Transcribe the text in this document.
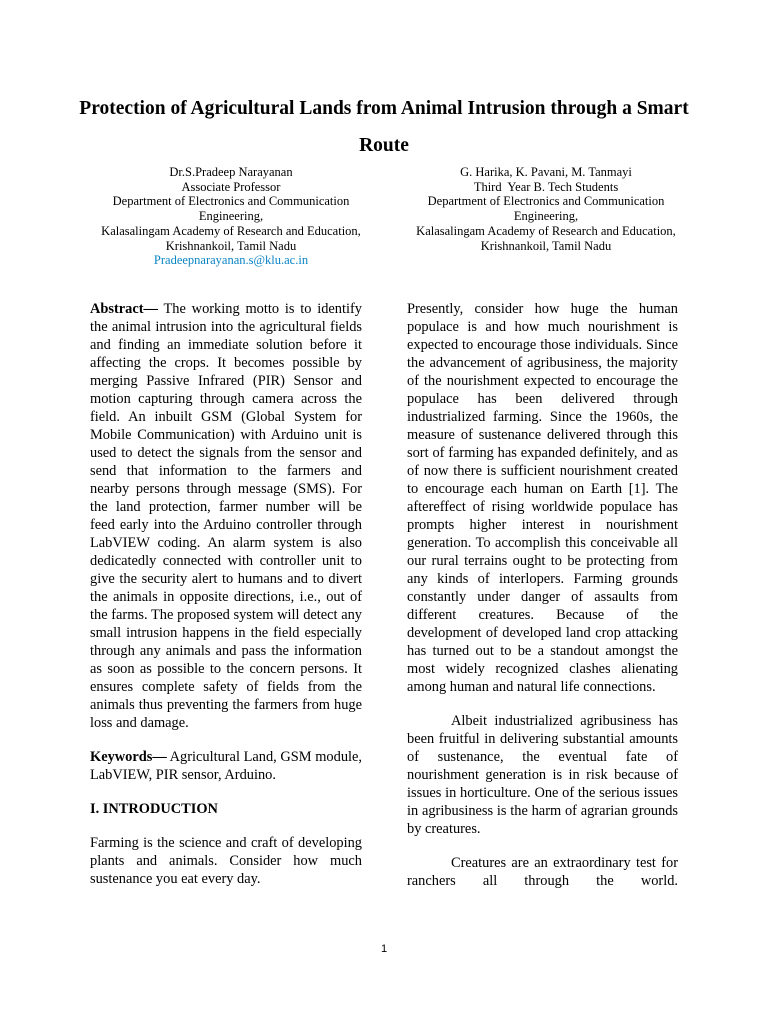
Protection of Agricultural Lands from Animal Intrusion through a Smart Route
Dr.S.Pradeep Narayanan
Associate Professor
Department of Electronics and Communication
Engineering,
Kalasalingam Academy of Research and Education,
Krishnankoil, Tamil Nadu
Pradeepnarayanan.s@klu.ac.in
G. Harika, K. Pavani, M. Tanmayi
Third  Year B. Tech Students
Department of Electronics and Communication
Engineering,
Kalasalingam Academy of Research and Education,
Krishnankoil, Tamil Nadu

Abstract— The working motto is to identify the animal intrusion into the agricultural fields and finding an immediate solution before it affecting the crops. It becomes possible by merging Passive Infrared (PIR) Sensor and motion capturing through camera across the field. An inbuilt GSM (Global System for Mobile Communication) with Arduino unit is used to detect the signals from the sensor and send that information to the farmers and nearby persons through message (SMS). For the land protection, farmer number will be feed early into the Arduino controller through LabVIEW coding. An alarm system is also dedicatedly connected with controller unit to give the security alert to humans and to divert the animals in opposite directions, i.e., out of the farms. The proposed system will detect any small intrusion happens in the field especially through any animals and pass the information as soon as possible to the concern persons. It ensures complete safety of fields from the animals thus preventing the farmers from huge loss and damage.

Keywords— Agricultural Land, GSM module, LabVIEW, PIR sensor, Arduino.

I. INTRODUCTION

Farming is the science and craft of developing plants and animals. Consider how much sustenance you eat every day.

Presently, consider how huge the human populace is and how much nourishment is expected to encourage those individuals. Since the advancement of agribusiness, the majority of the nourishment expected to encourage the populace has been delivered through industrialized farming. Since the 1960s, the measure of sustenance delivered through this sort of farming has expanded definitely, and as of now there is sufficient nourishment created to encourage each human on Earth [1]. The aftereffect of rising worldwide populace has prompts higher interest in nourishment generation. To accomplish this conceivable all our rural terrains ought to be protecting from any kinds of interlopers. Farming grounds constantly under danger of assaults from different creatures. Because of the development of developed land crop attacking has turned out to be a standout amongst the most widely recognized clashes alienating among human and natural life connections.

Albeit industrialized agribusiness has been fruitful in delivering substantial amounts of sustenance, the eventual fate of nourishment generation is in risk because of issues in horticulture. One of the serious issues in agribusiness is the harm of agrarian grounds by creatures.

Creatures are an extraordinary test for ranchers all through the world.

1
